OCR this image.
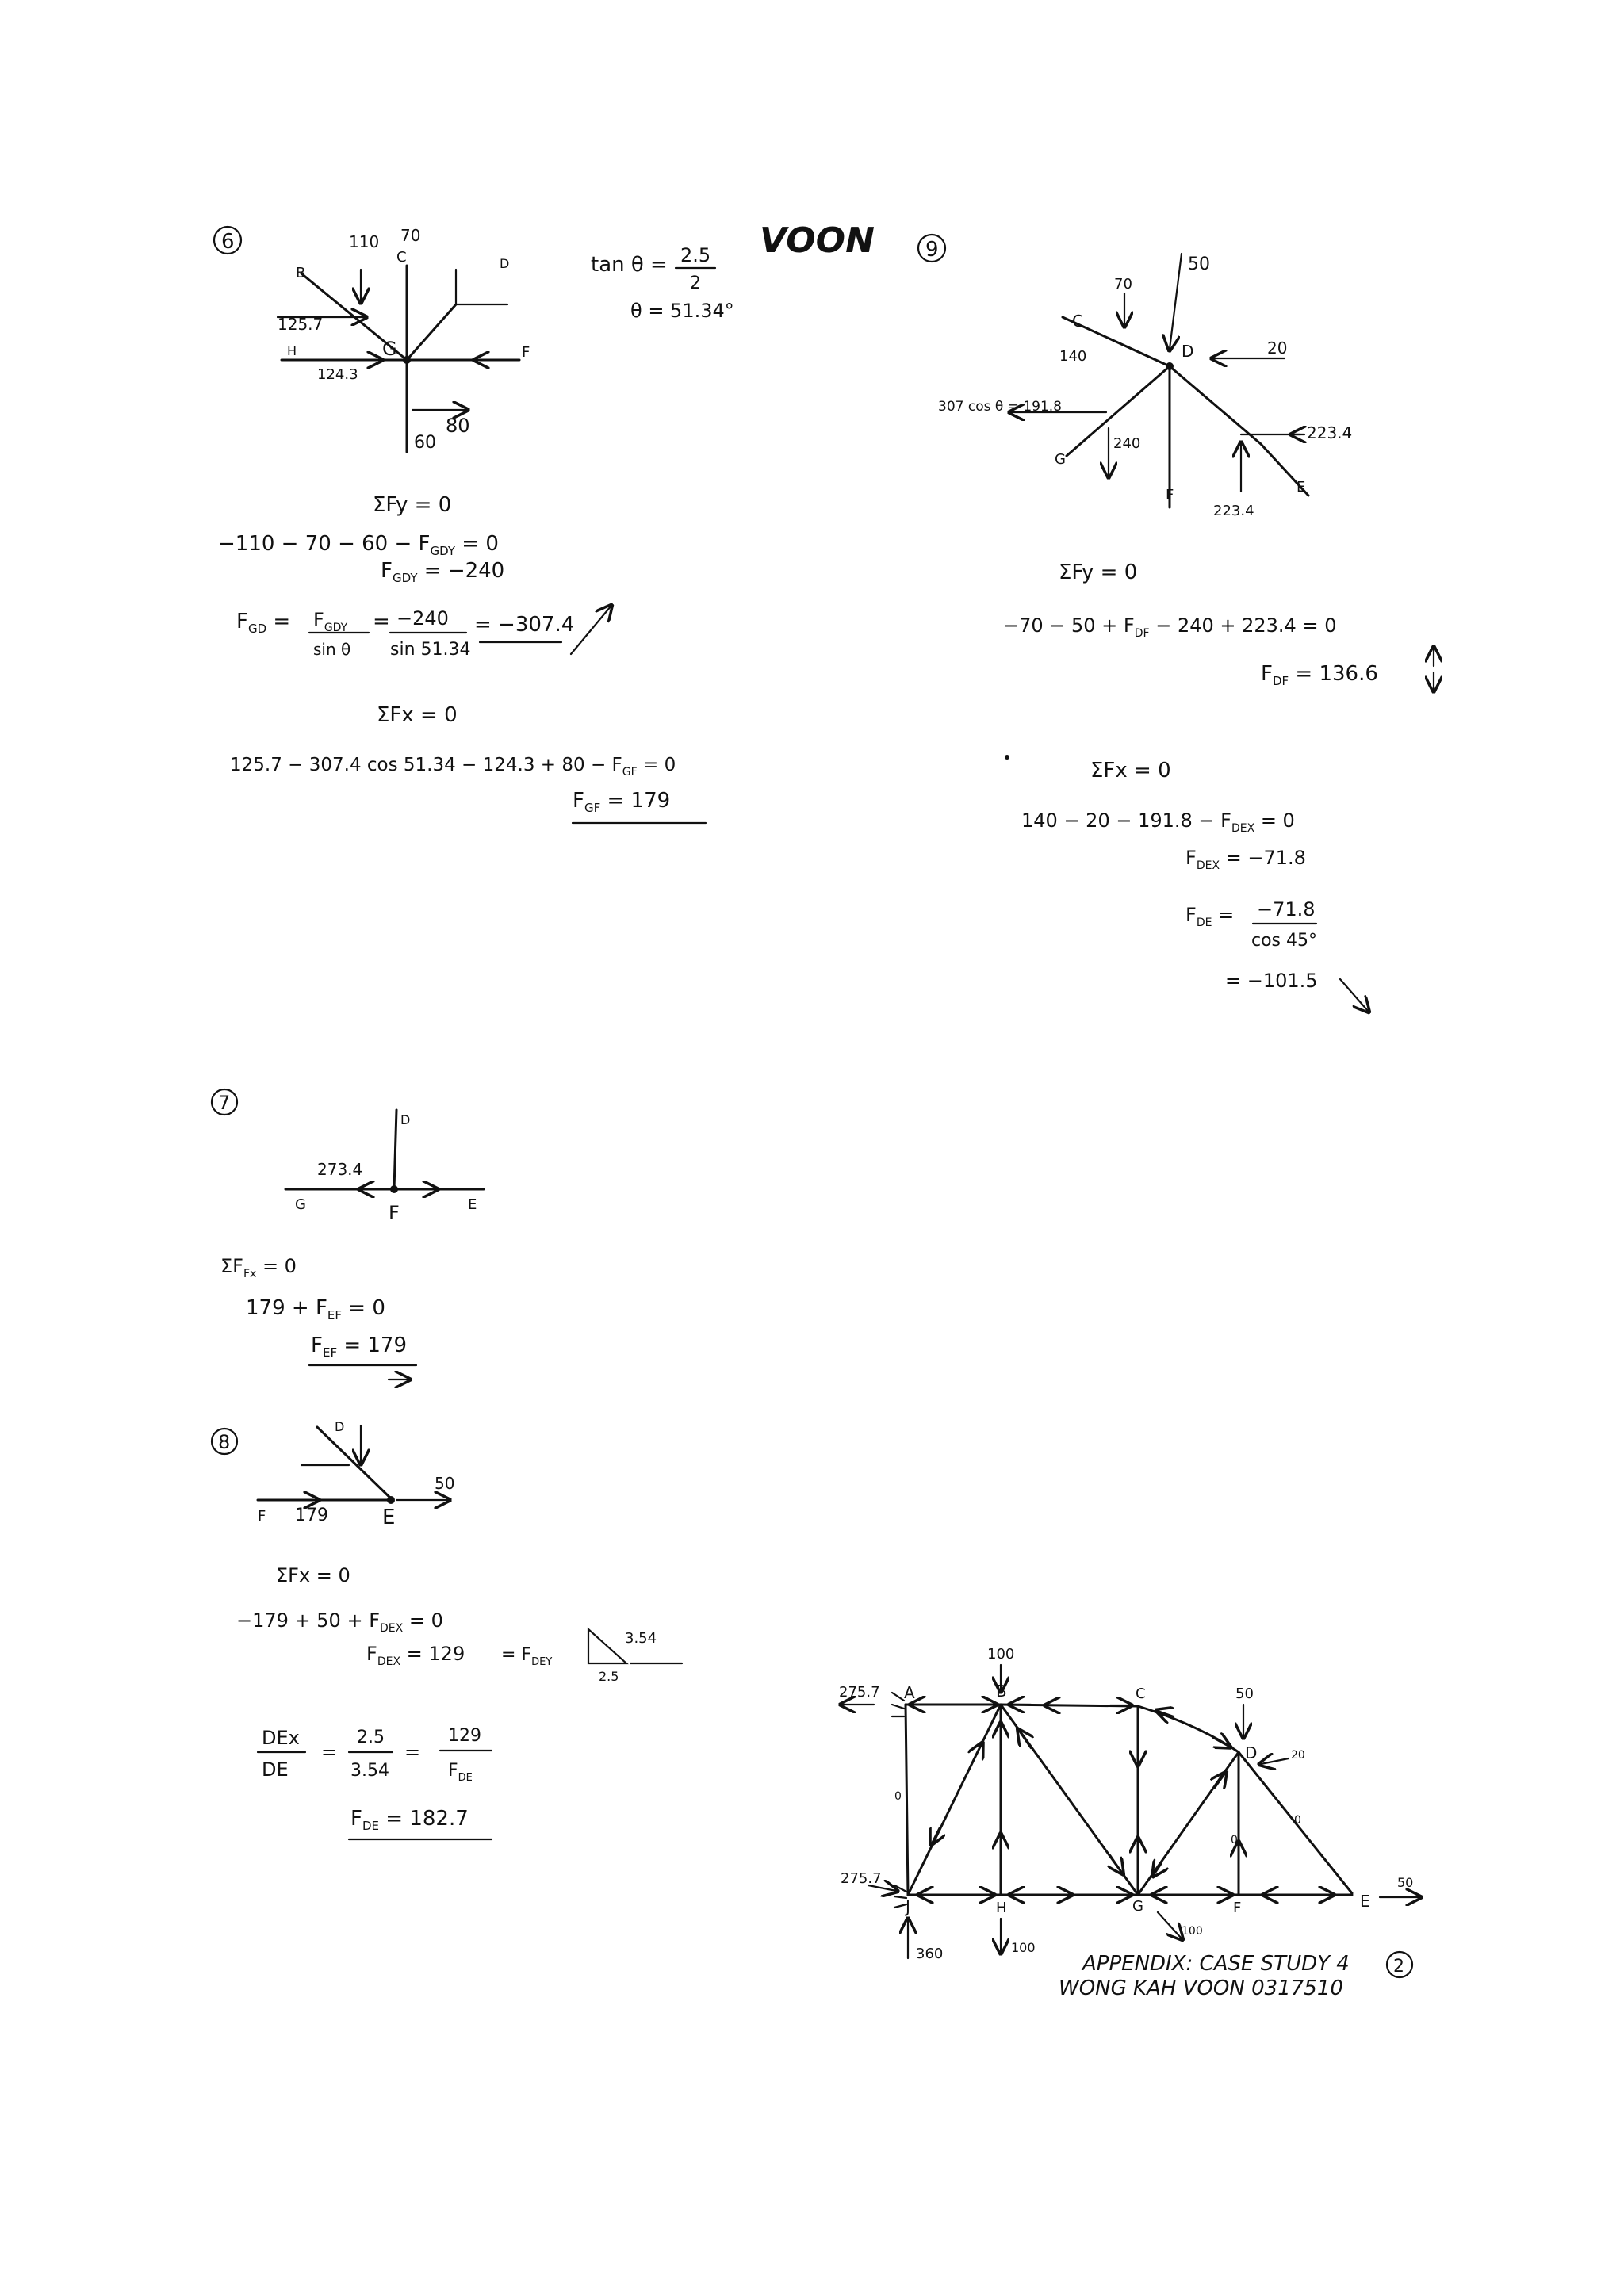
VOON
6	110 70
C
B
D
125.7
H
124.3
G	F
80
60
tan θ = 2.5
2
θ = 51.34°
ΣFy = 0
$-110 - 70 - 60 - F_{GDY} = 0$
$F_{GDY} = -240$
$F_{GD} = F_{GDY}$
sin θ
= −240
sin 51.34
= −307.4
ΣFx = 0
125.7 − 307.4 $\cos 51.34 - 124.3 + 80 - F_{GF} = 0$
$F_{GF} = 179$
9
70
50
C
140	D	20
307 cos θ = 191.8
240
G
223.4
F
223.4
E
ΣFy = 0
$-70 - 50 + F_{DF} - 240 + 223.4 = 0$
$F_{DF} = 136.6$
ΣFx = 0
$140 - 20 - 191.8 - F_{DEX} = 0$
$F_{DEX} = -71.8$
$F_{DE} = -71.8$
cos 45°
= −101.5
7
D
273.4
G	F	E
$\Sigma F_{Fx} = 0$
$179 + F_{EF} = 0$
$F_{EF} = 179$
8
D
50
F 179	E
ΣFx = 0
$-179 + 50 + F_{DEX} = 0$
$F_{DEX} = 129 = F_{DEY}$
3.54
2.5
DEx
DE
=
2.5
3.54
=
129
$F_{DE}$
$F_{DE} = 182.7$
A	B	C
D
E
F
G
H
J
100
275.7	50
20
275.7	50
360	100
100
0
0
0
APPENDIX: CASE STUDY 4	2
WONG KAH VOON 0317510
